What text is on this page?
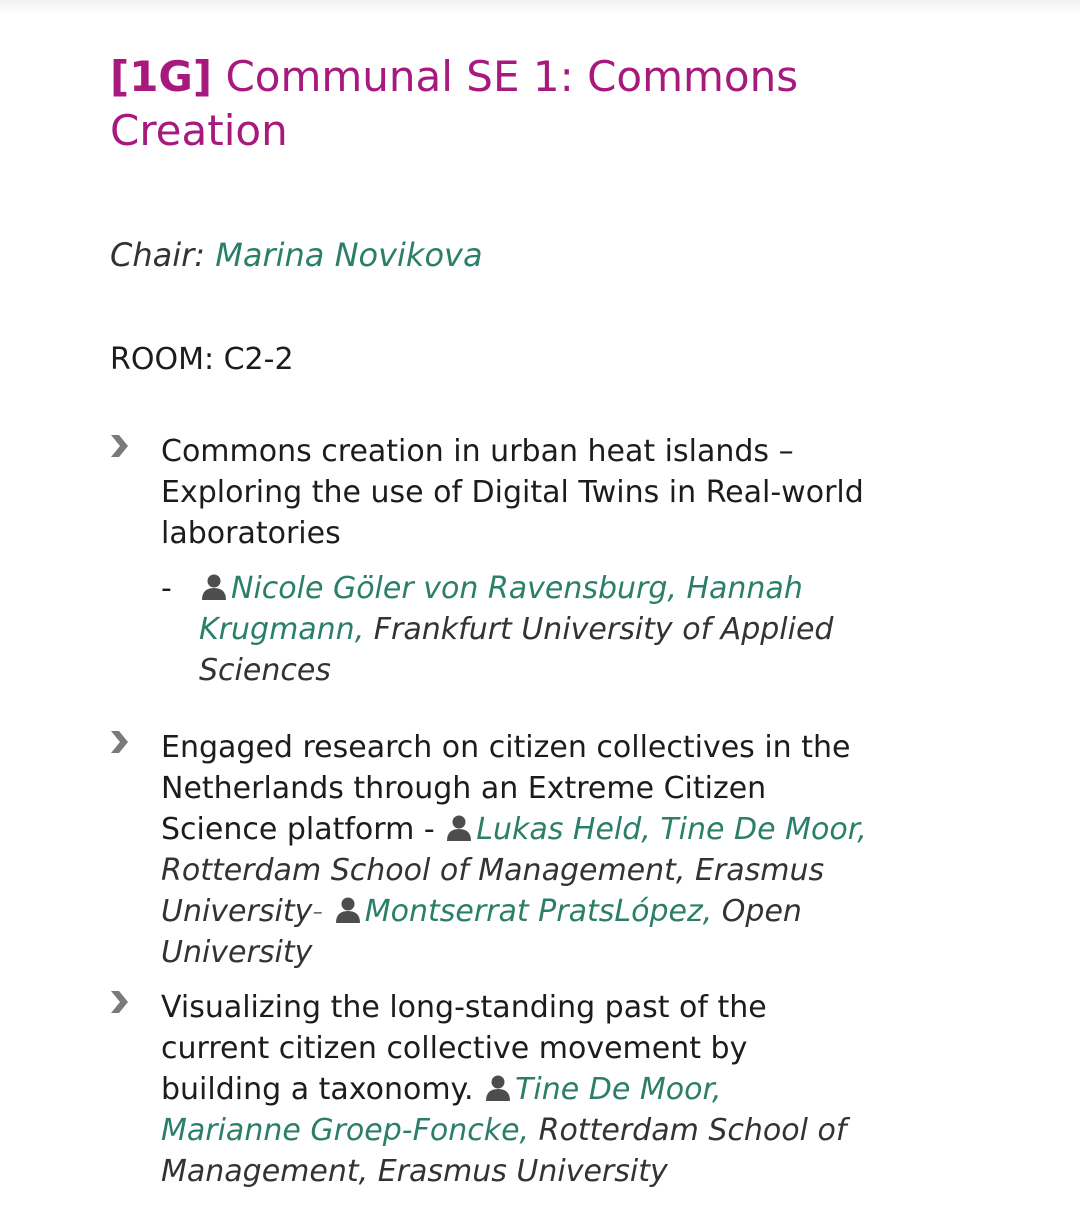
[1G] Communal SE 1: Commons Creation
Chair: Marina Novikova
ROOM: C2-2
Commons creation in urban heat islands – Exploring the use of Digital Twins in Real-world laboratories
-	Nicole Göler von Ravensburg, Hannah Krugmann, Frankfurt University of Applied Sciences
Engaged research on citizen collectives in the Netherlands through an Extreme Citizen Science platform - Lukas Held, Tine De Moor, Rotterdam School of Management, Erasmus University- Montserrat PratsLópez, Open University
Visualizing the long-standing past of the current citizen collective movement by building a taxonomy. Tine De Moor, Marianne Groep-Foncke, Rotterdam School of Management, Erasmus University
